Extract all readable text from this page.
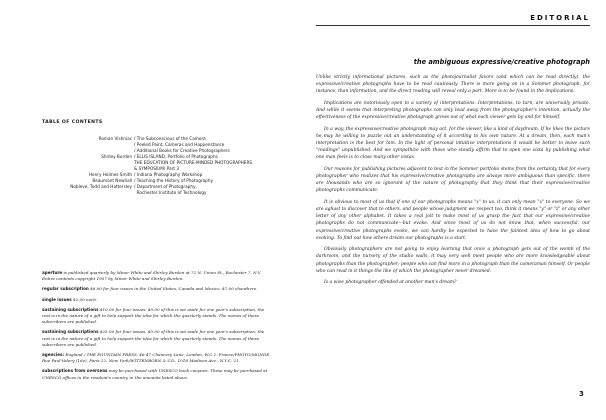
EDITORIAL
the ambiguous expressive/creative photograph
TABLE OF CONTENTS
Roman Vishniac / The Subconscious of the Camera
/ Peeled Paint, Cameras and Happenstance
/ Additional Books for Creative Photographers
Shirley Burden / ELLIS ISLAND, Portfolio of Photographs
THE EDUCATION OF PICTURE-MINDED PHOTOGRAPHERS
& SYMPOSIUM) Part 3
Henry Holmes Smith / Indiana Photography Workshop
Beaumont Newhall / Teaching the History of Photography
Nobleve, Todd and Hattersley / Department of Photography,
Rochester Institute of Technology

aperture is published quarterly by Minor White and Shirley Burden at 72 N. Union St., Rochester 7, N.Y. Entire contents copyright 1957 by Minor White and Shirley Burden.

regular subscription $6.00 for four issues in the United States, Canada and Mexico. $7.00 elsewhere.

single issues $2.00 each.

sustaining subscriptions $10.00 for four issues. $5.00 of this is set aside for one year's subscription, the rest is in the nature of a gift to help support the idea for which the quarterly stands. The names of these subscribers are published.

sustaining subscriptions $25.00 for four issues. $5.00 of this is set aside for one year's subscription, the rest is in the nature of a gift to help support the idea for which the quarterly stands. The names of these subscribers are published.

agencies: England / THE FOUNTAIN PRESS, 46-47 Chancery Lane, London, W.C.2. France/PHOTO/MONDE, Rue Paul-Valery (16e), Paris 22. New York/WITTENBORN & CO., 1018 Madison Ave., N.Y.C. 21.

subscriptions from overseas may be purchased with UNESCO book coupons. These may be purchased at UNESCO offices in the resident's country in the amounts listed above.

Unlike strictly informational pictures, such as the photojournalist favors (and which can be read directly), the expressive/creative photographs have to be read cautiously. There is more going on in a Sommer photograph, for instance, than information, and the direct reading will reveal only a part. More is to be found in the implications.

Implications are notoriously open to a variety of interpretations. Interpretations, to turn, are universally private. And while it seems that interpreting photographs can only lead away from the photographer's intention, actually the effectiveness of the expressive/creative photograph grows out of what each viewer gets by and for himself.

In a way, the expressive/creative photograph may act, for the viewer, like a kind of daydream. If he likes the picture he may be willing to puzzle out an understanding of it according to his own nature. At a dream, then, each man's interpretation is the best for him. In the light of personal intuitive interpretations it would be better to leave such "readings" unpublished. And we sympathize with those who stoutly affirm that to open one vista by publishing what one man feels is to close many other vistas.

Our reasons for publishing pictures adjacent to text in the Sommer portfolio stems from the certainty that for every photographer who realizes that his expressive/creative photographs are always more ambiguous than specific, there are thousands who are so ignorant of the nature of photography that they think that their expressive/creative photographs communicate.

It is obvious to most of us that if one of our photographs means "x" to us, it can only mean "x" to everyone. So we are aghast to discover that to others, and people whose judgment we respect too, think it means "y" or "z" or any other letter of any other alphabet. It takes a real jolt to make most of us grasp the fact that our expressive/creative photographs do not communicate—but evoke. And since most of us do not know that, when successful, our expressive/creative photographs evoke, we can hardly be expected to have the faintest idea of how to go about evoking. To find out how others dream our photographs is a start.

Obviously photographers are not going to enjoy learning that once a photograph gets out of the womb of the darkroom, and the nursery of the studio walls, it may very well meet people who are more knowledgeable about photographs than the photographer; people who can find more in a photograph than the cameraman himself. Or people who can read in it things the like of which the photographer never dreamed.

Is a wise photographer offended at another man's dream?

3
